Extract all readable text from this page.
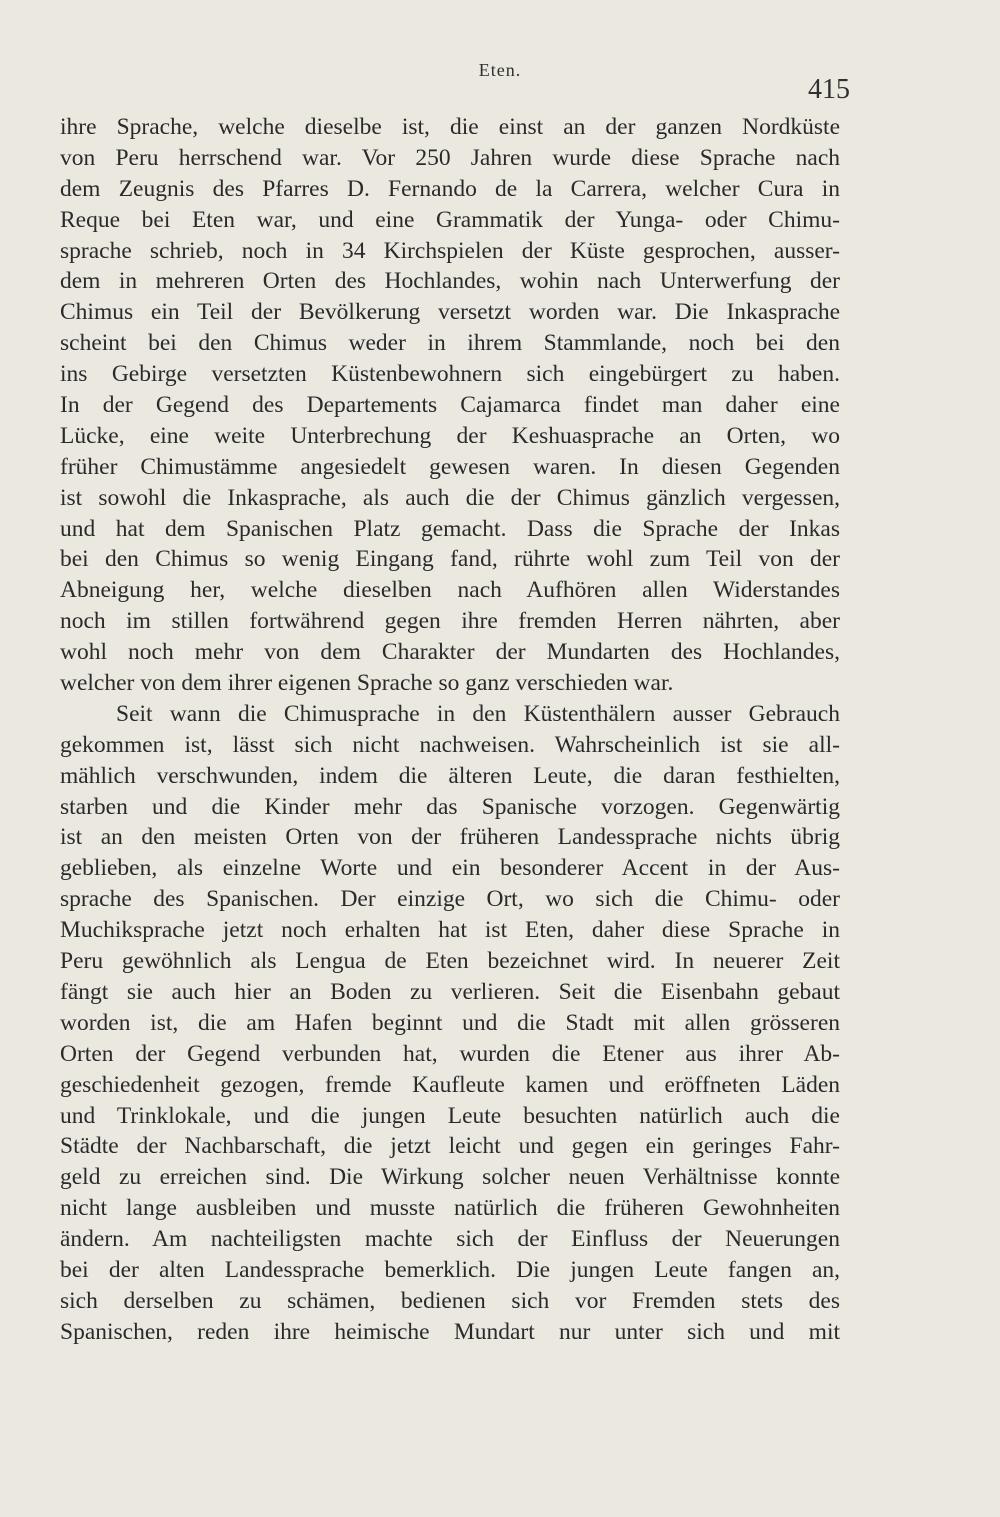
Eten.
415
ihre Sprache, welche dieselbe ist, die einst an der ganzen Nordküste
von Peru herrschend war. Vor 250 Jahren wurde diese Sprache nach
dem Zeugnis des Pfarres D. Fernando de la Carrera, welcher Cura in
Reque bei Eten war, und eine Grammatik der Yunga- oder Chimu-
sprache schrieb, noch in 34 Kirchspielen der Küste gesprochen, ausser-
dem in mehreren Orten des Hochlandes, wohin nach Unterwerfung der
Chimus ein Teil der Bevölkerung versetzt worden war. Die Inkasprache
scheint bei den Chimus weder in ihrem Stammlande, noch bei den
ins Gebirge versetzten Küstenbewohnern sich eingebürgert zu haben.
In der Gegend des Departements Cajamarca findet man daher eine
Lücke, eine weite Unterbrechung der Keshuasprache an Orten, wo
früher Chimustämme angesiedelt gewesen waren. In diesen Gegenden
ist sowohl die Inkasprache, als auch die der Chimus gänzlich vergessen,
und hat dem Spanischen Platz gemacht. Dass die Sprache der Inkas
bei den Chimus so wenig Eingang fand, rührte wohl zum Teil von der
Abneigung her, welche dieselben nach Aufhören allen Widerstandes
noch im stillen fortwährend gegen ihre fremden Herren nährten, aber
wohl noch mehr von dem Charakter der Mundarten des Hochlandes,
welcher von dem ihrer eigenen Sprache so ganz verschieden war.
Seit wann die Chimusprache in den Küstenthälern ausser Gebrauch
gekommen ist, lässt sich nicht nachweisen. Wahrscheinlich ist sie all-
mählich verschwunden, indem die älteren Leute, die daran festhielten,
starben und die Kinder mehr das Spanische vorzogen. Gegenwärtig
ist an den meisten Orten von der früheren Landessprache nichts übrig
geblieben, als einzelne Worte und ein besonderer Accent in der Aus-
sprache des Spanischen. Der einzige Ort, wo sich die Chimu- oder
Muchiksprache jetzt noch erhalten hat ist Eten, daher diese Sprache in
Peru gewöhnlich als Lengua de Eten bezeichnet wird. In neuerer Zeit
fängt sie auch hier an Boden zu verlieren. Seit die Eisenbahn gebaut
worden ist, die am Hafen beginnt und die Stadt mit allen grösseren
Orten der Gegend verbunden hat, wurden die Etener aus ihrer Ab-
geschiedenheit gezogen, fremde Kaufleute kamen und eröffneten Läden
und Trinklokale, und die jungen Leute besuchten natürlich auch die
Städte der Nachbarschaft, die jetzt leicht und gegen ein geringes Fahr-
geld zu erreichen sind. Die Wirkung solcher neuen Verhältnisse konnte
nicht lange ausbleiben und musste natürlich die früheren Gewohnheiten
ändern. Am nachteiligsten machte sich der Einfluss der Neuerungen
bei der alten Landessprache bemerklich. Die jungen Leute fangen an,
sich derselben zu schämen, bedienen sich vor Fremden stets des
Spanischen, reden ihre heimische Mundart nur unter sich und mit
